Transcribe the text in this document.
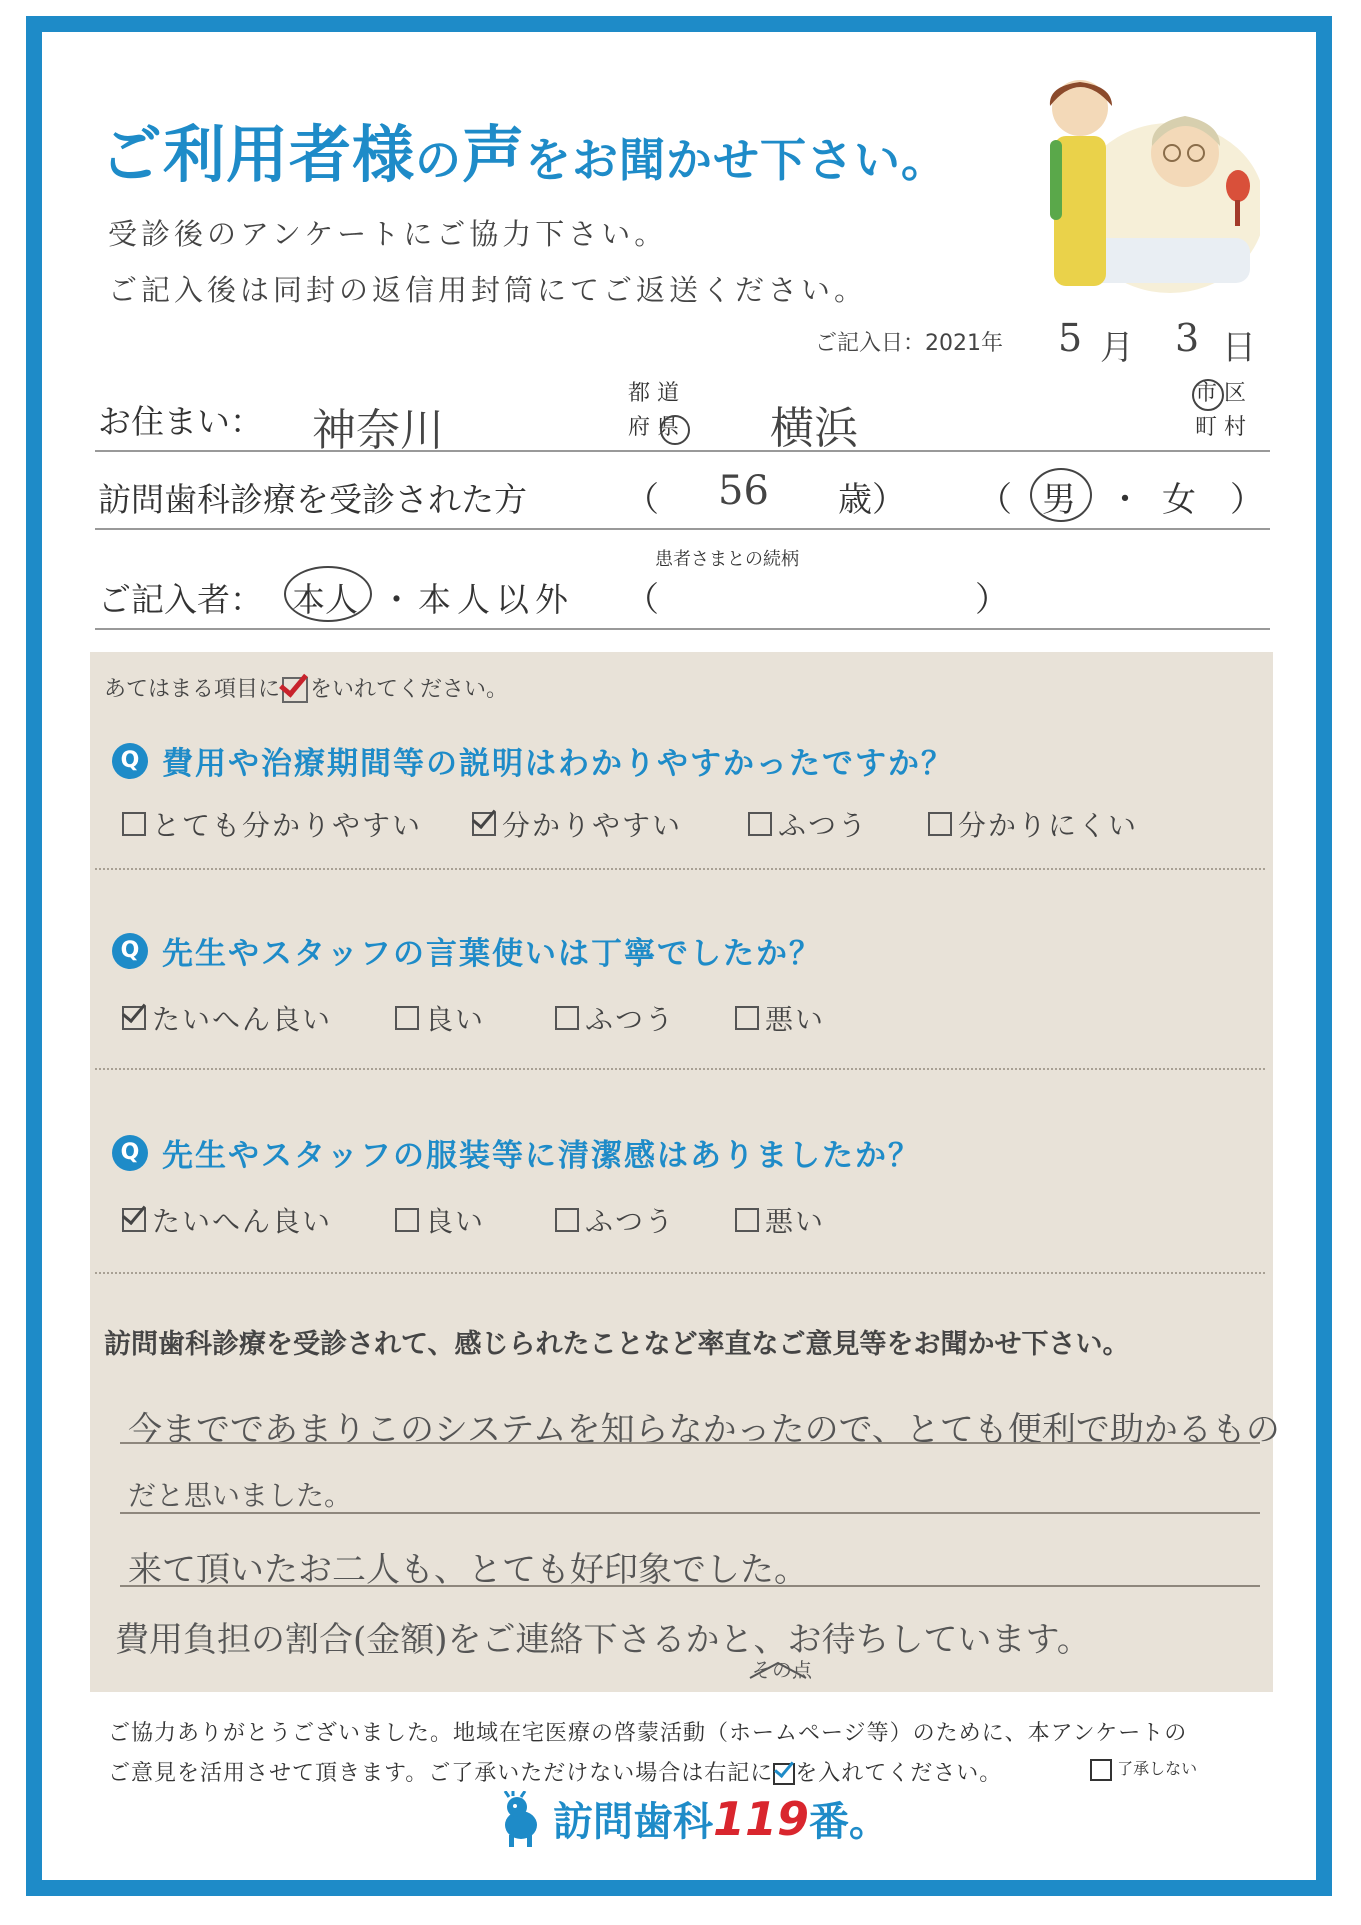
ご利用者様の声をお聞かせ下さい。
受診後のアンケートにご協力下さい。
ご記入後は同封の返信用封筒にてご返送ください。
ご記入日：2021年 5 月 3 日
お住まい： 神奈川
都 道
府 県 横浜
市 区
町 村
訪問歯科診療を受診された方	（ 56 歳） （ 男 ・ 女 ）
患者さまとの続柄
ご記入者： 本人 ・ 本人以外 （	）
あてはまる項目に をいれてください。
Q 費用や治療期間等の説明はわかりやすかったですか？
とても分かりやすい	分かりやすい	ふつう	分かりにくい
Q 先生やスタッフの言葉使いは丁寧でしたか？
たいへん良い	良い	ふつう	悪い
Q 先生やスタッフの服装等に清潔感はありましたか？
たいへん良い	良い	ふつう	悪い
訪問歯科診療を受診されて、感じられたことなど率直なご意見等をお聞かせ下さい。
今までであまりこのシステムを知らなかったので、とても便利で助かるもの
だと思いました。
来て頂いたお二人も、とても好印象でした。
費用負担の割合(金額)をご連絡下さるかと、お待ちしています。
その点
ご協力ありがとうございました。地域在宅医療の啓蒙活動（ホームページ等）のために、本アンケートの
ご意見を活用させて頂きます。ご了承いただけない場合は右記に を入れてください。	了承しない
訪問歯科 119 番。
